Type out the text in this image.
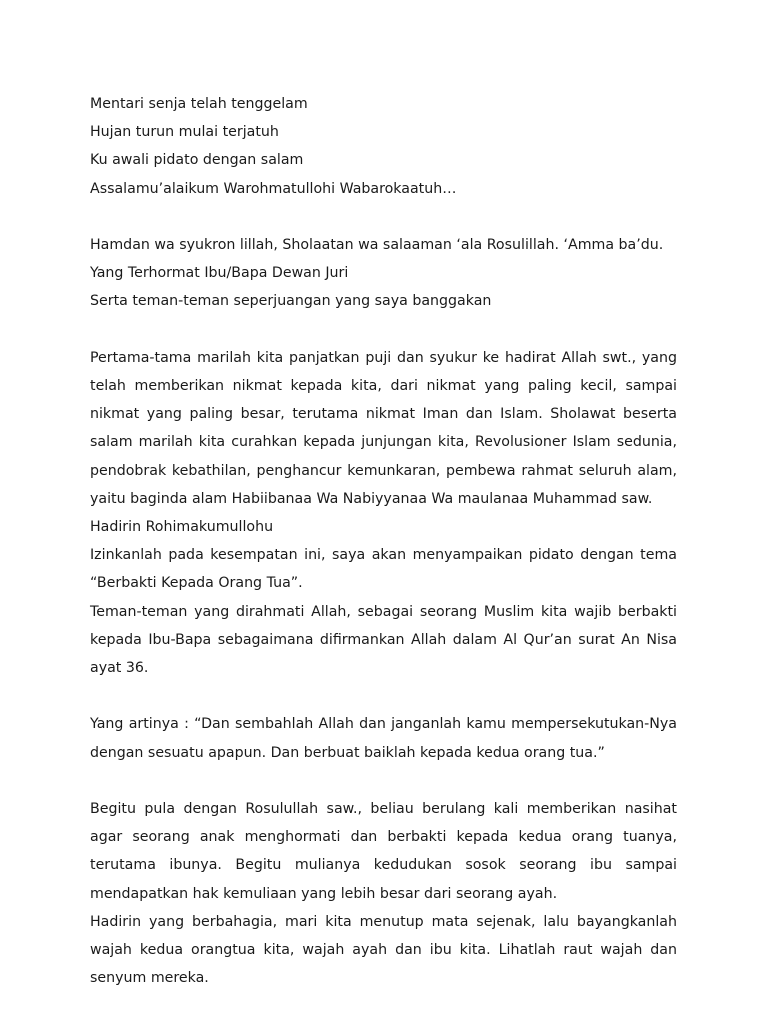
Mentari senja telah tenggelam
Hujan turun mulai terjatuh
Ku awali pidato dengan salam
Assalamu’alaikum Warohmatullohi Wabarokaatuh…
Hamdan wa syukron lillah, Sholaatan wa salaaman ‘ala Rosulillah. ‘Amma ba’du.
Yang Terhormat Ibu/Bapa Dewan Juri
Serta teman-teman seperjuangan yang saya banggakan

Pertama-tama marilah kita panjatkan puji dan syukur ke hadirat Allah swt., yang telah memberikan nikmat kepada kita, dari nikmat yang paling kecil, sampai nikmat yang paling besar, terutama nikmat Iman dan Islam. Sholawat beserta salam marilah kita curahkan kepada junjungan kita, Revolusioner Islam sedunia, pendobrak kebathilan, penghancur kemunkaran, pembewa rahmat seluruh alam, yaitu baginda alam Habiibanaa Wa Nabiyyanaa Wa maulanaa Muhammad saw.

Hadirin Rohimakumullohu

Izinkanlah pada kesempatan ini, saya akan menyampaikan pidato dengan tema “Berbakti Kepada Orang Tua”.

Teman-teman yang dirahmati Allah, sebagai seorang Muslim kita wajib berbakti kepada Ibu-Bapa sebagaimana difirmankan Allah dalam Al Qur’an surat An Nisa ayat 36.

Yang artinya : “Dan sembahlah Allah dan janganlah kamu mempersekutukan-Nya dengan sesuatu apapun. Dan berbuat baiklah kepada kedua orang tua.”

Begitu pula dengan Rosulullah saw., beliau berulang kali memberikan nasihat agar seorang anak menghormati dan berbakti kepada kedua orang tuanya, terutama ibunya. Begitu mulianya kedudukan sosok seorang ibu sampai mendapatkan hak kemuliaan yang lebih besar dari seorang ayah.

Hadirin yang berbahagia, mari kita menutup mata sejenak, lalu bayangkanlah wajah kedua orangtua kita, wajah ayah dan ibu kita. Lihatlah raut wajah dan senyum mereka.
